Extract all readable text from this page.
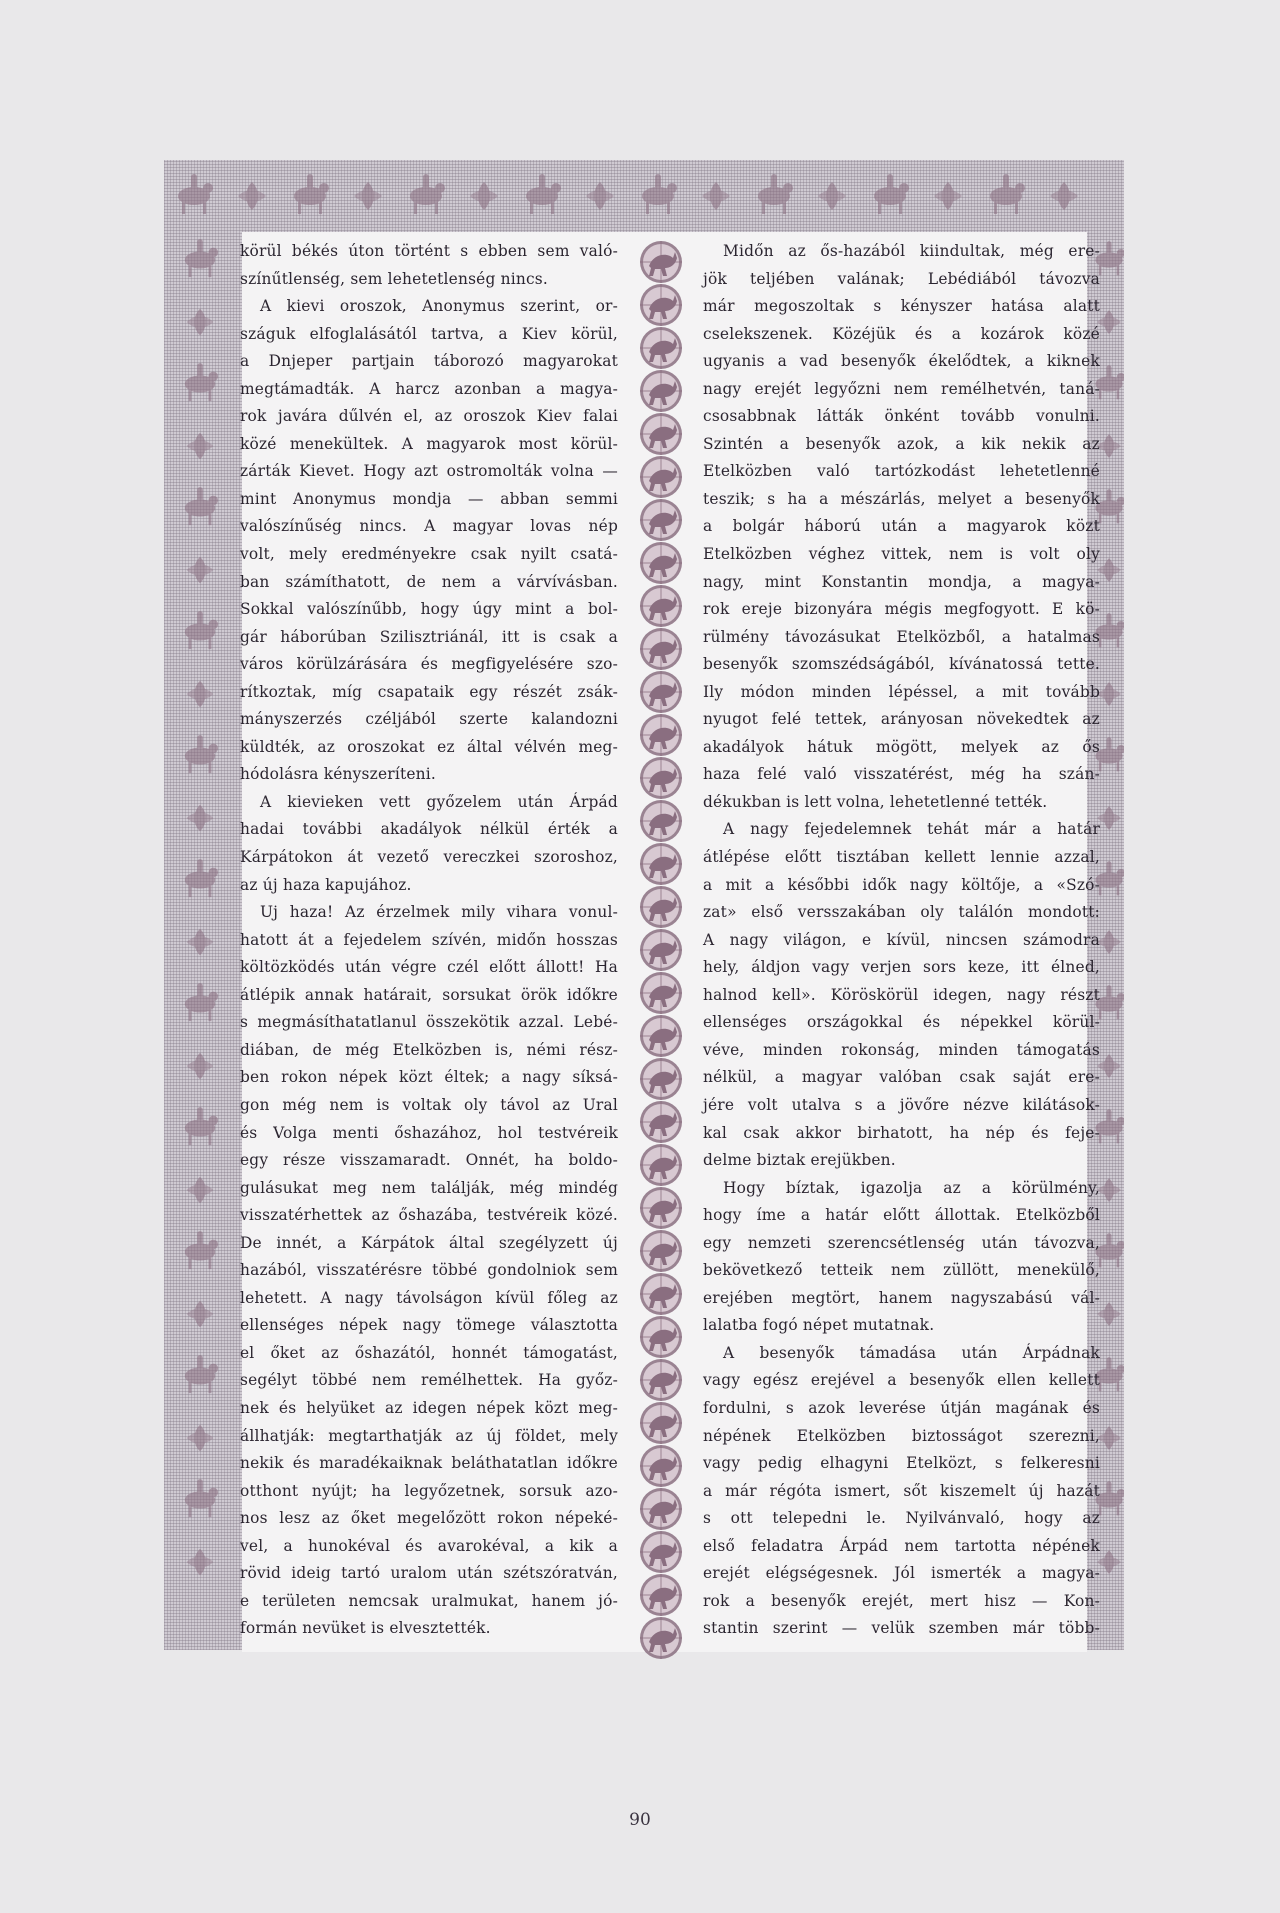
körül békés úton történt s ebben sem való-
színűtlenség, sem lehetetlenség nincs.
A kievi oroszok, Anonymus szerint, or-
száguk elfoglalásától tartva, a Kiev körül,
a Dnjeper partjain táborozó magyarokat
megtámadták. A harcz azonban a magya-
rok javára dűlvén el, az oroszok Kiev falai
közé menekültek. A magyarok most körül-
zárták Kievet. Hogy azt ostromolták volna —
mint Anonymus mondja — abban semmi
valószínűség nincs. A magyar lovas nép
volt, mely eredményekre csak nyilt csatá-
ban számíthatott, de nem a várvívásban.
Sokkal valószínűbb, hogy úgy mint a bol-
gár háborúban Szilisztriánál, itt is csak a
város körülzárására és megfigyelésére szo-
rítkoztak, míg csapataik egy részét zsák-
mányszerzés czéljából szerte kalandozni
küldték, az oroszokat ez által vélvén meg-
hódolásra kényszeríteni.
A kievieken vett győzelem után Árpád
hadai további akadályok nélkül érték a
Kárpátokon át vezető vereczkei szoroshoz,
az új haza kapujához.
Uj haza! Az érzelmek mily vihara vonul-
hatott át a fejedelem szívén, midőn hosszas
költözködés után végre czél előtt állott! Ha
átlépik annak határait, sorsukat örök időkre
s megmásíthatatlanul összekötik azzal. Lebé-
diában, de még Etelközben is, némi rész-
ben rokon népek közt éltek; a nagy síksá-
gon még nem is voltak oly távol az Ural
és Volga menti őshazához, hol testvéreik
egy része visszamaradt. Onnét, ha boldo-
gulásukat meg nem találják, még mindég
visszatérhettek az őshazába, testvéreik közé.
De innét, a Kárpátok által szegélyzett új
hazából, visszatérésre többé gondolniok sem
lehetett. A nagy távolságon kívül főleg az
ellenséges népek nagy tömege választotta
el őket az őshazától, honnét támogatást,
segélyt többé nem remélhettek. Ha győz-
nek és helyüket az idegen népek közt meg-
állhatják: megtarthatják az új földet, mely
nekik és maradékaiknak beláthatatlan időkre
otthont nyújt; ha legyőzetnek, sorsuk azo-
nos lesz az őket megelőzött rokon népeké-
vel, a hunokéval és avarokéval, a kik a
rövid ideig tartó uralom után szétszóratván,
e területen nemcsak uralmukat, hanem jó-
formán nevüket is elvesztették.
Midőn az ős-hazából kiindultak, még ere-
jök teljében valának; Lebédiából távozva
már megoszoltak s kényszer hatása alatt
cselekszenek. Közéjük és a kozárok közé
ugyanis a vad besenyők ékelődtek, a kiknek
nagy erejét legyőzni nem remélhetvén, taná-
csosabbnak látták önként tovább vonulni.
Szintén a besenyők azok, a kik nekik az
Etelközben való tartózkodást lehetetlenné
teszik; s ha a mészárlás, melyet a besenyők
a bolgár háború után a magyarok közt
Etelközben véghez vittek, nem is volt oly
nagy, mint Konstantin mondja, a magya-
rok ereje bizonyára mégis megfogyott. E kö-
rülmény távozásukat Etelközből, a hatalmas
besenyők szomszédságából, kívánatossá tette.
Ily módon minden lépéssel, a mit tovább
nyugot felé tettek, arányosan növekedtek az
akadályok hátuk mögött, melyek az ős
haza felé való visszatérést, még ha szán-
dékukban is lett volna, lehetetlenné tették.
A nagy fejedelemnek tehát már a határ
átlépése előtt tisztában kellett lennie azzal,
a mit a későbbi idők nagy költője, a «Szó-
zat» első versszakában oly találón mondott:
A nagy világon, e kívül, nincsen számodra
hely, áldjon vagy verjen sors keze, itt élned,
halnod kell». Köröskörül idegen, nagy részt
ellenséges országokkal és népekkel körül-
véve, minden rokonság, minden támogatás
nélkül, a magyar valóban csak saját ere-
jére volt utalva s a jövőre nézve kilátások-
kal csak akkor birhatott, ha nép és feje-
delme biztak erejükben.
Hogy bíztak, igazolja az a körülmény,
hogy íme a határ előtt állottak. Etelközből
egy nemzeti szerencsétlenség után távozva,
bekövetkező tetteik nem züllött, menekülő,
erejében megtört, hanem nagyszabású vál-
lalatba fogó népet mutatnak.
A besenyők támadása után Árpádnak
vagy egész erejével a besenyők ellen kellett
fordulni, s azok leverése útján magának és
népének Etelközben biztosságot szerezni,
vagy pedig elhagyni Etelközt, s felkeresni
a már régóta ismert, sőt kiszemelt új hazát
s ott telepedni le. Nyilvánvaló, hogy az
első feladatra Árpád nem tartotta népének
erejét elégségesnek. Jól ismerték a magya-
rok a besenyők erejét, mert hisz — Kon-
stantin szerint — velük szemben már több-
90
